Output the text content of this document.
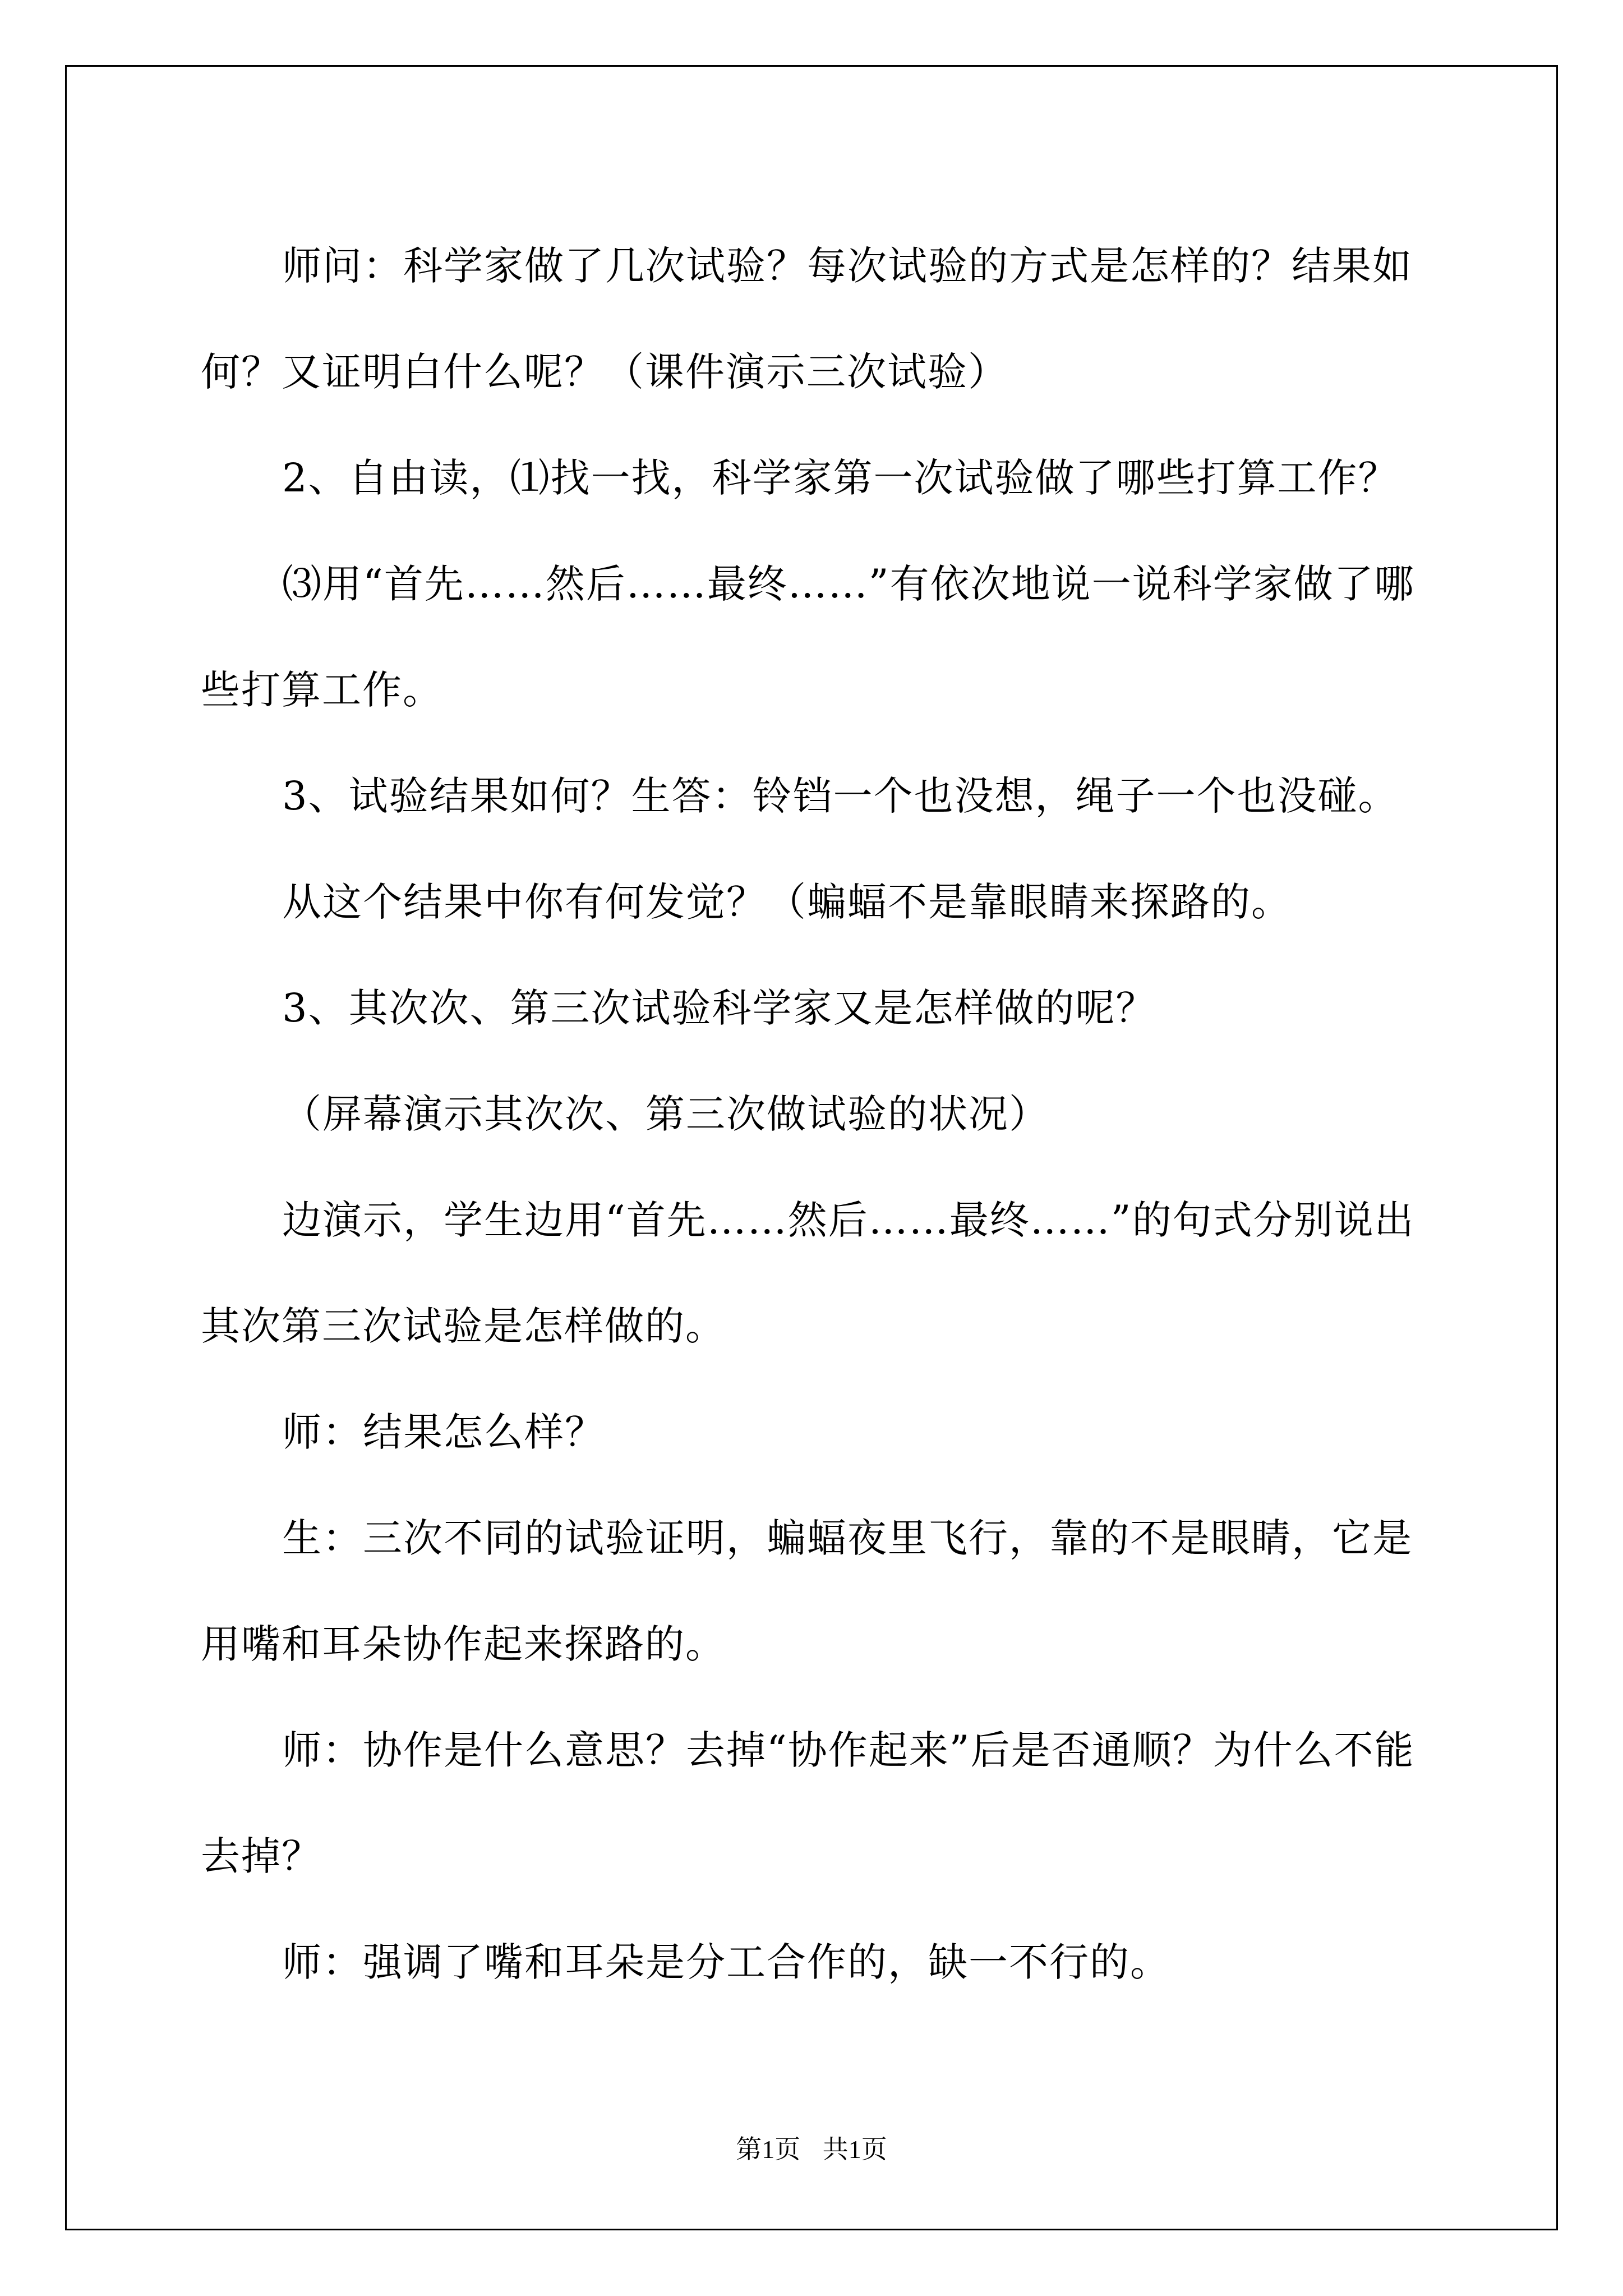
师问：科学家做了几次试验？每次试验的方式是怎样的？结果如何？又证明白什么呢？（课件演示三次试验）

2、自由读，⑴找一找，科学家第一次试验做了哪些打算工作？

⑶用“首先……然后……最终……”有依次地说一说科学家做了哪些打算工作。

3、试验结果如何？生答：铃铛一个也没想，绳子一个也没碰。

从这个结果中你有何发觉？（蝙蝠不是靠眼睛来探路的。

3、其次次、第三次试验科学家又是怎样做的呢？

（屏幕演示其次次、第三次做试验的状况）

边演示，学生边用“首先……然后……最终……”的句式分别说出其次第三次试验是怎样做的。

师：结果怎么样？

生：三次不同的试验证明，蝙蝠夜里飞行，靠的不是眼睛，它是用嘴和耳朵协作起来探路的。

师：协作是什么意思？去掉“协作起来”后是否通顺？为什么不能去掉？

师：强调了嘴和耳朵是分工合作的，缺一不行的。

第1页 共1页
